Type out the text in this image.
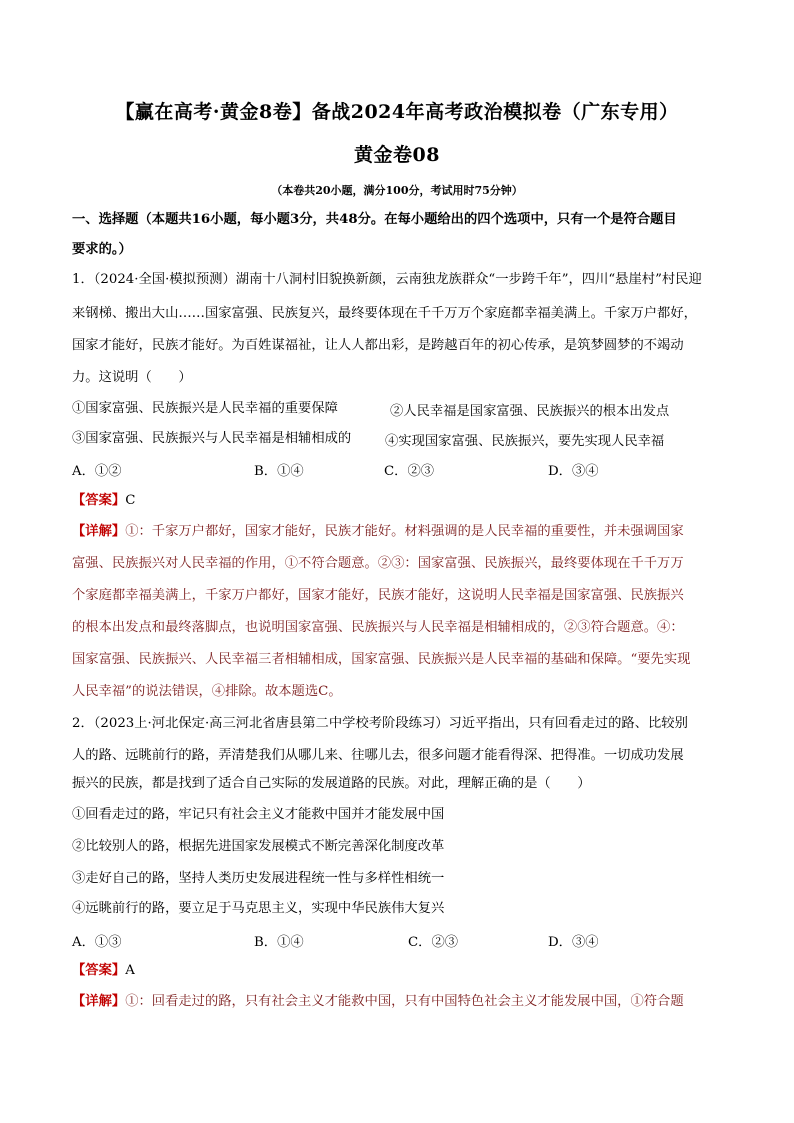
【赢在高考·黄金8卷】备战2024年高考政治模拟卷（广东专用）
黄金卷08
（本卷共20小题，满分100分，考试用时75分钟）
一、选择题（本题共16小题，每小题3分，共48分。在每小题给出的四个选项中，只有一个是符合题目
要求的。）
1．（2024·全国·模拟预测）湖南十八洞村旧貌换新颜，云南独龙族群众“一步跨千年”，四川“悬崖村”村民迎
来钢梯、搬出大山……国家富强、民族复兴，最终要体现在千千万万个家庭都幸福美满上。千家万户都好，
国家才能好，民族才能好。为百姓谋福祉，让人人都出彩，是跨越百年的初心传承，是筑梦圆梦的不竭动
力。这说明（　　）
①国家富强、民族振兴是人民幸福的重要保障	②人民幸福是国家富强、民族振兴的根本出发点
③国家富强、民族振兴与人民幸福是相辅相成的	④实现国家富强、民族振兴，要先实现人民幸福
A．①②	B．①④	C．②③	D．③④
【答案】C
【详解】①：千家万户都好，国家才能好，民族才能好。材料强调的是人民幸福的重要性，并未强调国家
富强、民族振兴对人民幸福的作用，①不符合题意。②③：国家富强、民族振兴，最终要体现在千千万万
个家庭都幸福美满上，千家万户都好，国家才能好，民族才能好，这说明人民幸福是国家富强、民族振兴
的根本出发点和最终落脚点，也说明国家富强、民族振兴与人民幸福是相辅相成的，②③符合题意。④：
国家富强、民族振兴、人民幸福三者相辅相成，国家富强、民族振兴是人民幸福的基础和保障。“要先实现
人民幸福”的说法错误，④排除。故本题选C。
2．（2023上·河北保定·高三河北省唐县第二中学校考阶段练习）习近平指出，只有回看走过的路、比较别
人的路、远眺前行的路，弄清楚我们从哪儿来、往哪儿去，很多问题才能看得深、把得准。一切成功发展
振兴的民族，都是找到了适合自己实际的发展道路的民族。对此，理解正确的是（　　）
①回看走过的路，牢记只有社会主义才能救中国并才能发展中国
②比较别人的路，根据先进国家发展模式不断完善深化制度改革
③走好自己的路，坚持人类历史发展进程统一性与多样性相统一
④远眺前行的路，要立足于马克思主义，实现中华民族伟大复兴
A．①③	B．①④	C．②③	D．③④
【答案】A
【详解】①：回看走过的路，只有社会主义才能救中国，只有中国特色社会主义才能发展中国，①符合题
